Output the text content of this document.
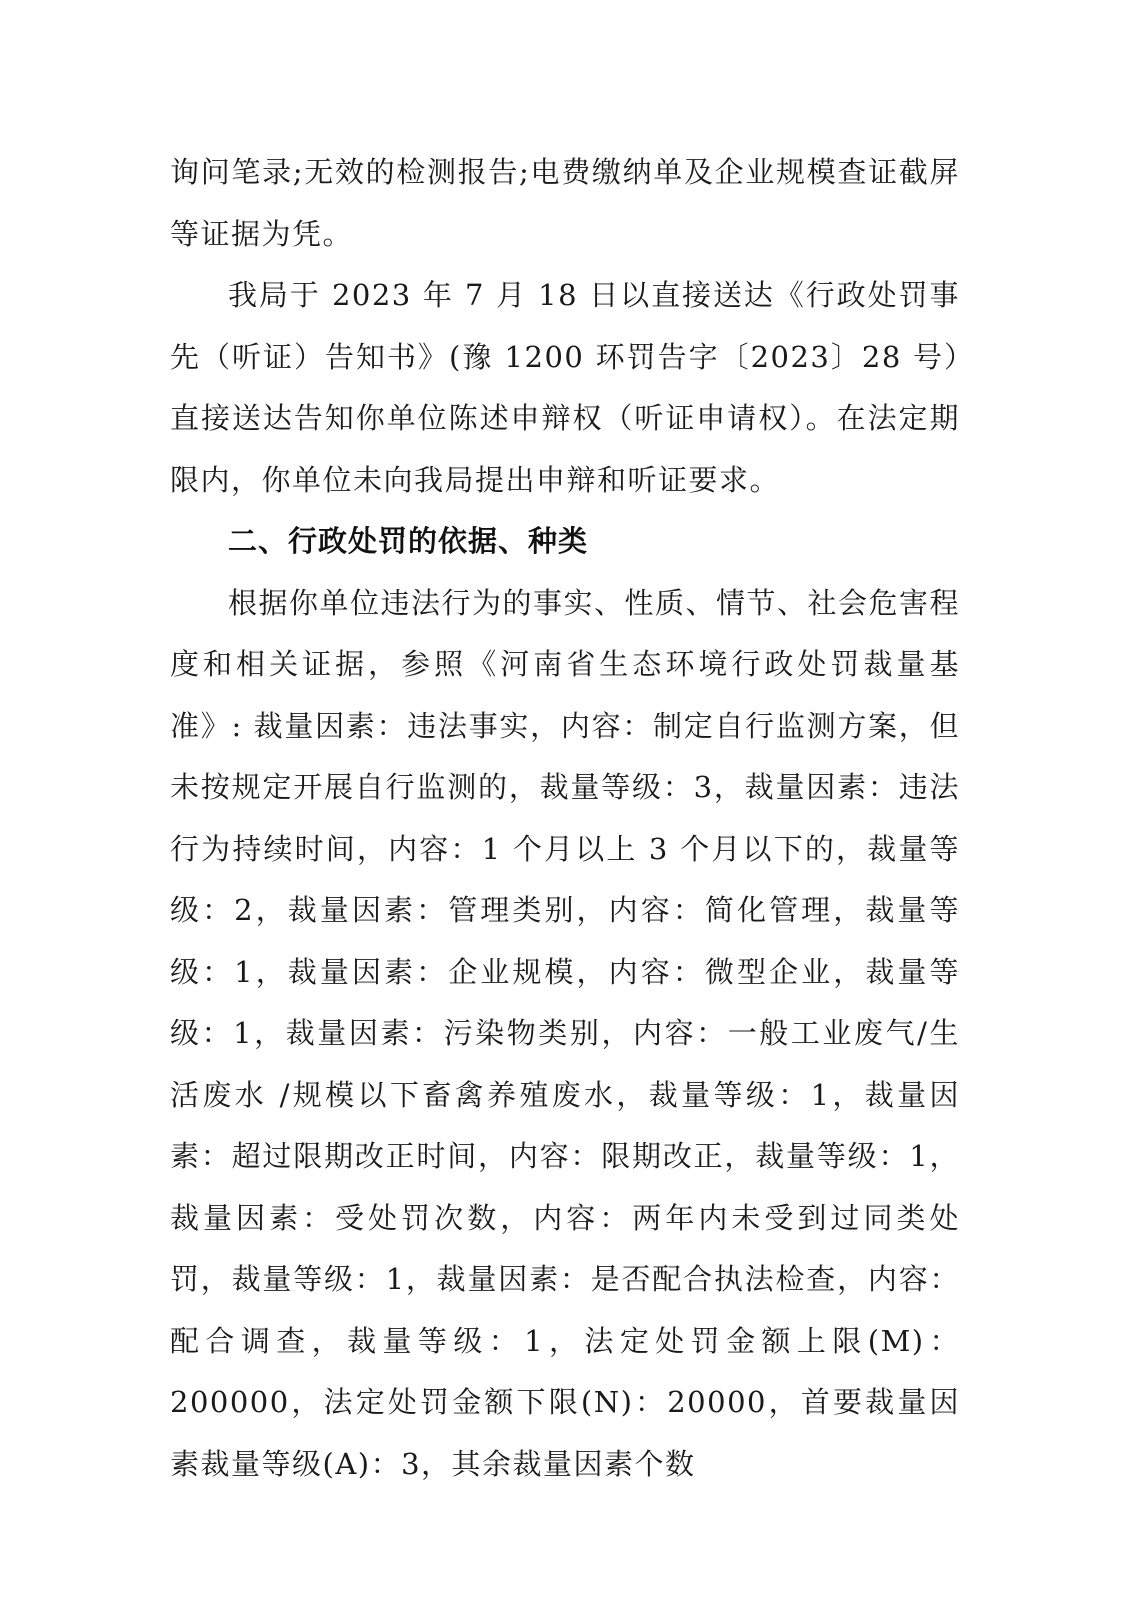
询问笔录;无效的检测报告;电费缴纳单及企业规模查证截屏等证据为凭。

我局于 2023 年 7 月 18 日以直接送达《行政处罚事先（听证）告知书》(豫 1200 环罚告字〔2023〕28 号）直接送达告知你单位陈述申辩权（听证申请权）。在法定期限内，你单位未向我局提出申辩和听证要求。

二、行政处罚的依据、种类

根据你单位违法行为的事实、性质、情节、社会危害程度和相关证据，参照《河南省生态环境行政处罚裁量基准》: 裁量因素：违法事实，内容：制定自行监测方案，但未按规定开展自行监测的，裁量等级：3，裁量因素：违法行为持续时间，内容：1 个月以上 3 个月以下的，裁量等级：2，裁量因素：管理类别，内容：简化管理，裁量等级：1，裁量因素：企业规模，内容：微型企业，裁量等级：1，裁量因素：污染物类别，内容：一般工业废气/生活废水 /规模以下畜禽养殖废水，裁量等级：1，裁量因素：超过限期改正时间，内容：限期改正，裁量等级：1，裁量因素：受处罚次数，内容：两年内未受到过同类处罚，裁量等级：1，裁量因素：是否配合执法检查，内容：配合调查，裁量等级：1，法定处罚金额上限(M)：200000，法定处罚金额下限(N)：20000，首要裁量因素裁量等级(A)：3，其余裁量因素个数
